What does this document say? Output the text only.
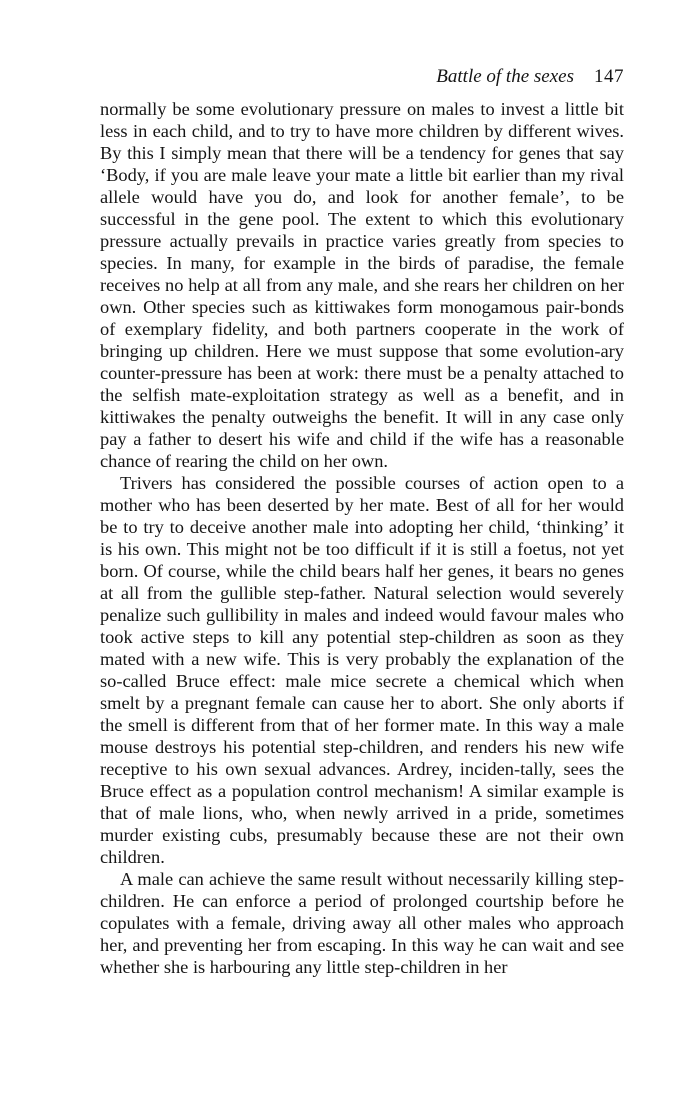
Battle of the sexes 147

normally be some evolutionary pressure on males to invest a little bit less in each child, and to try to have more children by different wives. By this I simply mean that there will be a tendency for genes that say ‘Body, if you are male leave your mate a little bit earlier than my rival allele would have you do, and look for another female’, to be successful in the gene pool. The extent to which this evolutionary pressure actually prevails in practice varies greatly from species to species. In many, for example in the birds of paradise, the female receives no help at all from any male, and she rears her children on her own. Other species such as kittiwakes form monogamous pair-bonds of exemplary fidelity, and both partners cooperate in the work of bringing up children. Here we must suppose that some evolution-ary counter-pressure has been at work: there must be a penalty attached to the selfish mate-exploitation strategy as well as a benefit, and in kittiwakes the penalty outweighs the benefit. It will in any case only pay a father to desert his wife and child if the wife has a reasonable chance of rearing the child on her own.

Trivers has considered the possible courses of action open to a mother who has been deserted by her mate. Best of all for her would be to try to deceive another male into adopting her child, ‘thinking’ it is his own. This might not be too difficult if it is still a foetus, not yet born. Of course, while the child bears half her genes, it bears no genes at all from the gullible step-father. Natural selection would severely penalize such gullibility in males and indeed would favour males who took active steps to kill any potential step-children as soon as they mated with a new wife. This is very probably the explanation of the so-called Bruce effect: male mice secrete a chemical which when smelt by a pregnant female can cause her to abort. She only aborts if the smell is different from that of her former mate. In this way a male mouse destroys his potential step-children, and renders his new wife receptive to his own sexual advances. Ardrey, inciden-tally, sees the Bruce effect as a population control mechanism! A similar example is that of male lions, who, when newly arrived in a pride, sometimes murder existing cubs, presumably because these are not their own children.

A male can achieve the same result without necessarily killing step-children. He can enforce a period of prolonged courtship before he copulates with a female, driving away all other males who approach her, and preventing her from escaping. In this way he can wait and see whether she is harbouring any little step-children in her
